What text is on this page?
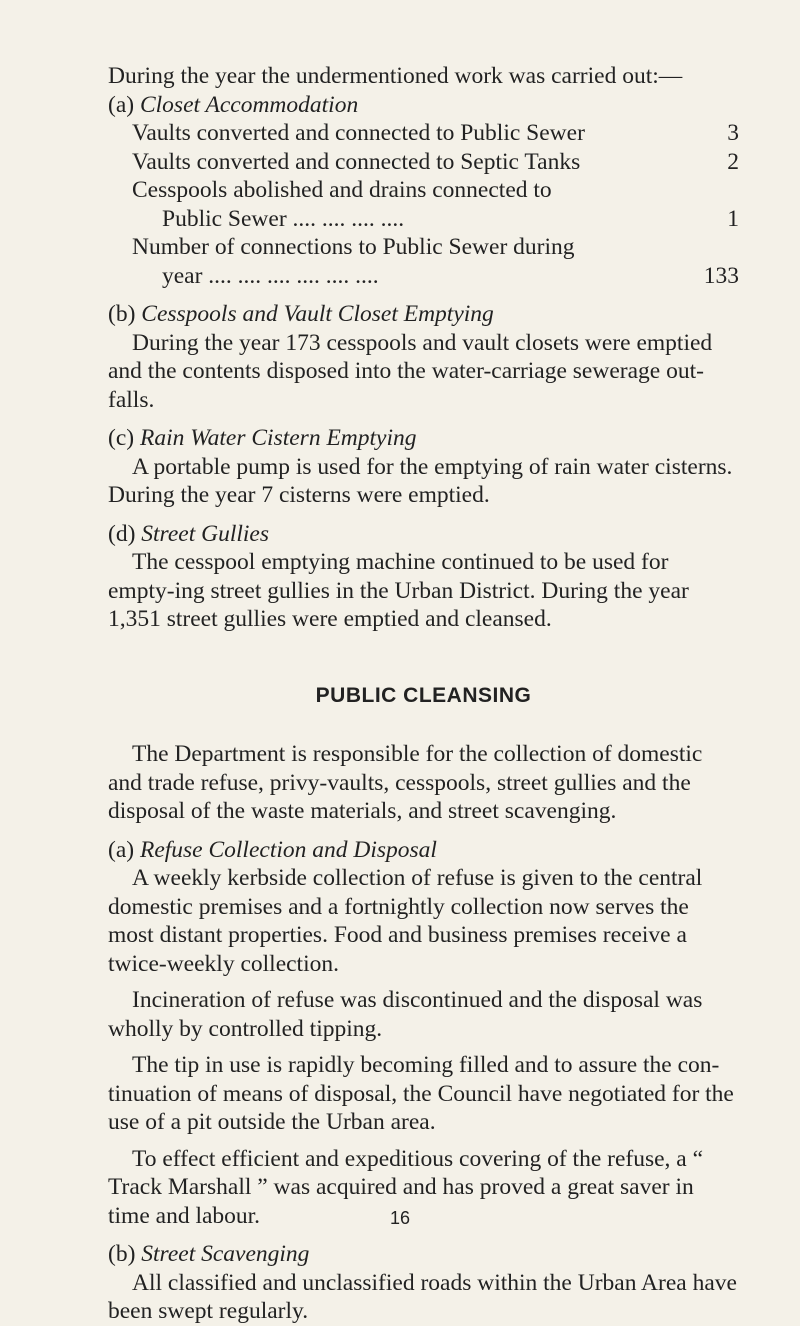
During the year the undermentioned work was carried out:—

(a) Closet Accommodation

Vaults converted and connected to Public Sewer	3
Vaults converted and connected to Septic Tanks	2
Cesspools abolished and drains connected to
Public Sewer .... .... .... ....	1
Number of connections to Public Sewer during
year .... .... .... .... .... ....	133

(b) Cesspools and Vault Closet Emptying

During the year 173 cesspools and vault closets were emptied and the contents disposed into the water-carriage sewerage out-falls.

(c) Rain Water Cistern Emptying

A portable pump is used for the emptying of rain water cisterns. During the year 7 cisterns were emptied.

(d) Street Gullies

The cesspool emptying machine continued to be used for empty-ing street gullies in the Urban District. During the year 1,351 street gullies were emptied and cleansed.

PUBLIC CLEANSING

The Department is responsible for the collection of domestic and trade refuse, privy-vaults, cesspools, street gullies and the disposal of the waste materials, and street scavenging.

(a) Refuse Collection and Disposal

A weekly kerbside collection of refuse is given to the central domestic premises and a fortnightly collection now serves the most distant properties. Food and business premises receive a twice-weekly collection.

Incineration of refuse was discontinued and the disposal was wholly by controlled tipping.

The tip in use is rapidly becoming filled and to assure the con-tinuation of means of disposal, the Council have negotiated for the use of a pit outside the Urban area.

To effect efficient and expeditious covering of the refuse, a “ Track Marshall ” was acquired and has proved a great saver in time and labour.

(b) Street Scavenging

All classified and unclassified roads within the Urban Area have been swept regularly.

16
